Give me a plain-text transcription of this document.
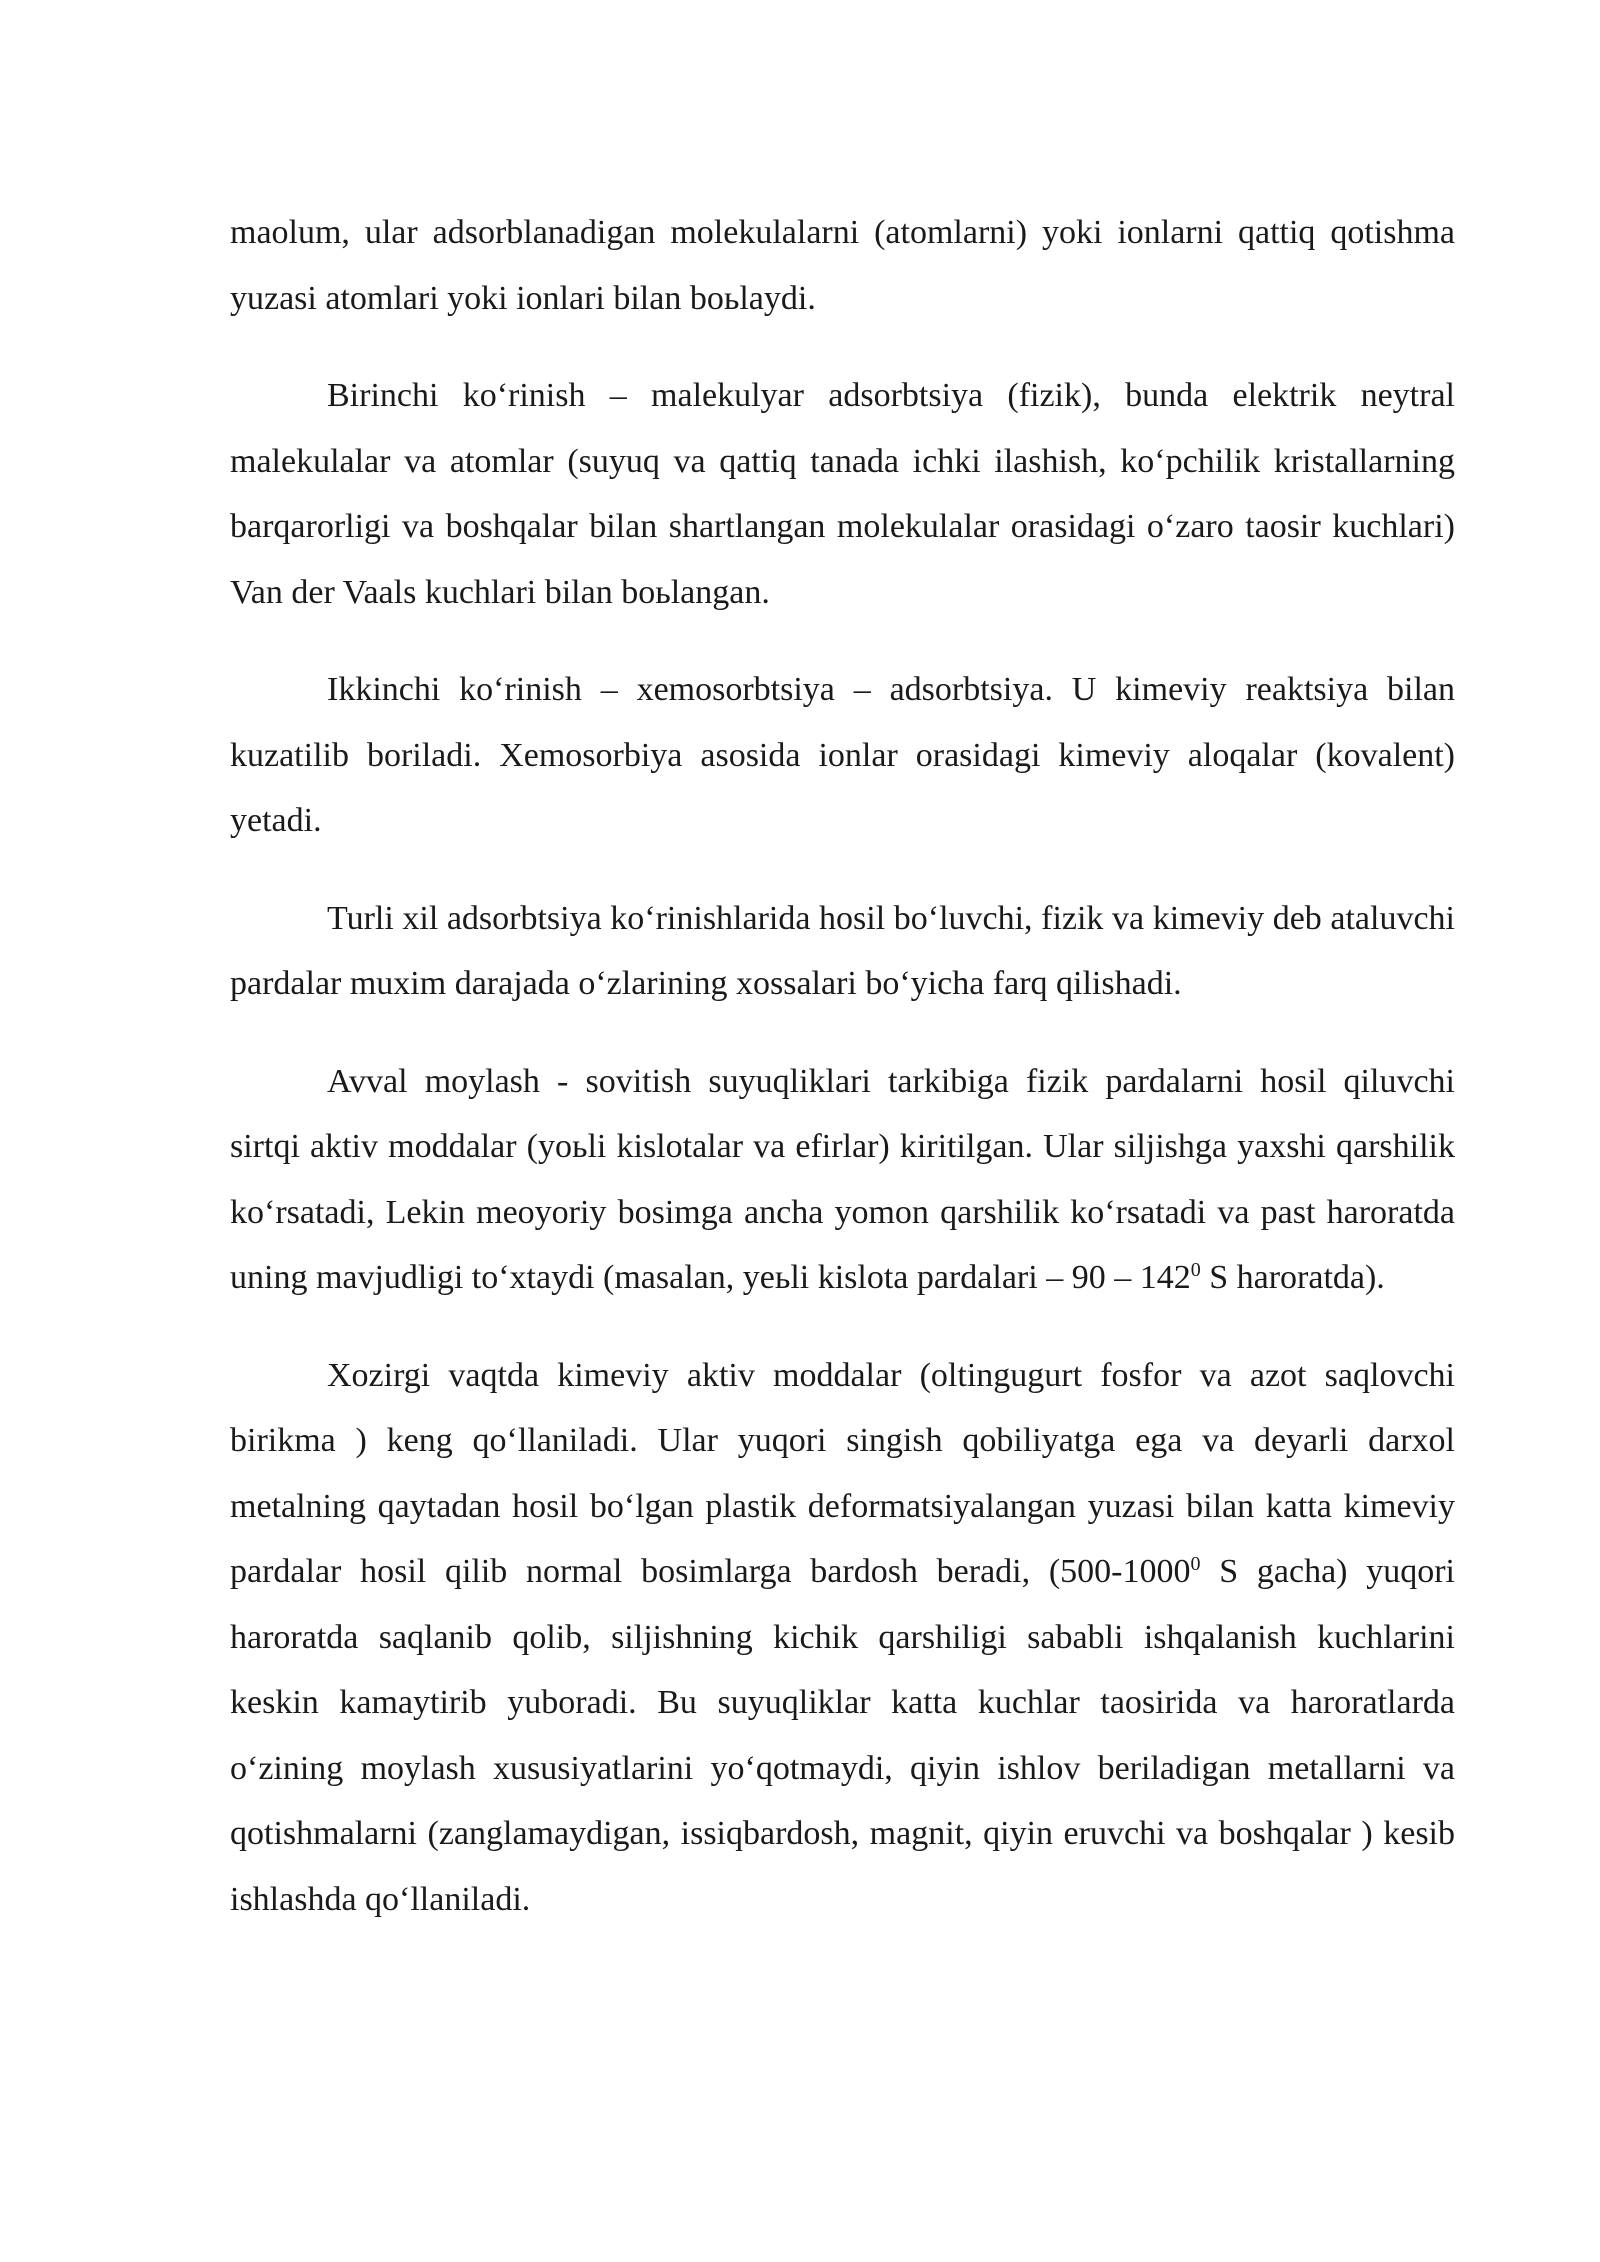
maolum, ular adsorblanadigan molekulalarni (atomlarni) yoki ionlarni qattiq qotishma yuzasi atomlari yoki ionlari bilan boьlaydi.

Birinchi ko‘rinish – malekulyar adsorbtsiya (fizik), bunda elektrik neytral malekulalar va atomlar (suyuq va qattiq tanada ichki ilashish, ko‘pchilik kristallarning barqarorligi va boshqalar bilan shartlangan molekulalar orasidagi o‘zaro taosir kuchlari) Van der Vaals kuchlari bilan boьlangan.

Ikkinchi ko‘rinish – xemosorbtsiya – adsorbtsiya. U kimeviy reaktsiya bilan kuzatilib boriladi. Xemosorbiya asosida ionlar orasidagi kimeviy aloqalar (kovalent) yetadi.

Turli xil adsorbtsiya ko‘rinishlarida hosil bo‘luvchi, fizik va kimeviy deb ataluvchi pardalar muxim darajada o‘zlarining xossalari bo‘yicha farq qilishadi.

Avval moylash - sovitish suyuqliklari tarkibiga fizik pardalarni hosil qiluvchi sirtqi aktiv moddalar (yoьli kislotalar va efirlar) kiritilgan. Ular siljishga yaxshi qarshilik ko‘rsatadi, Lekin meoyoriy bosimga ancha yomon qarshilik ko‘rsatadi va past haroratda uning mavjudligi to‘xtaydi (masalan, yeьli kislota pardalari – $90 - 142^0$ S haroratda).

Xozirgi vaqtda kimeviy aktiv moddalar (oltingugurt fosfor va azot saqlovchi birikma ) keng qo‘llaniladi. Ular yuqori singish qobiliyatga ega va deyarli darxol metalning qaytadan hosil bo‘lgan plastik deformatsiyalangan yuzasi bilan katta kimeviy pardalar hosil qilib normal bosimlarga bardosh beradi, (500-1000$^0$ S gacha) yuqori haroratda saqlanib qolib, siljishning kichik qarshiligi sababli ishqalanish kuchlarini keskin kamaytirib yuboradi. Bu suyuqliklar katta kuchlar taosirida va haroratlarda o‘zining moylash xususiyatlarini yo‘qotmaydi, qiyin ishlov beriladigan metallarni va qotishmalarni (zanglamaydigan, issiqbardosh, magnit, qiyin eruvchi va boshqalar ) kesib ishlashda qo‘llaniladi.
